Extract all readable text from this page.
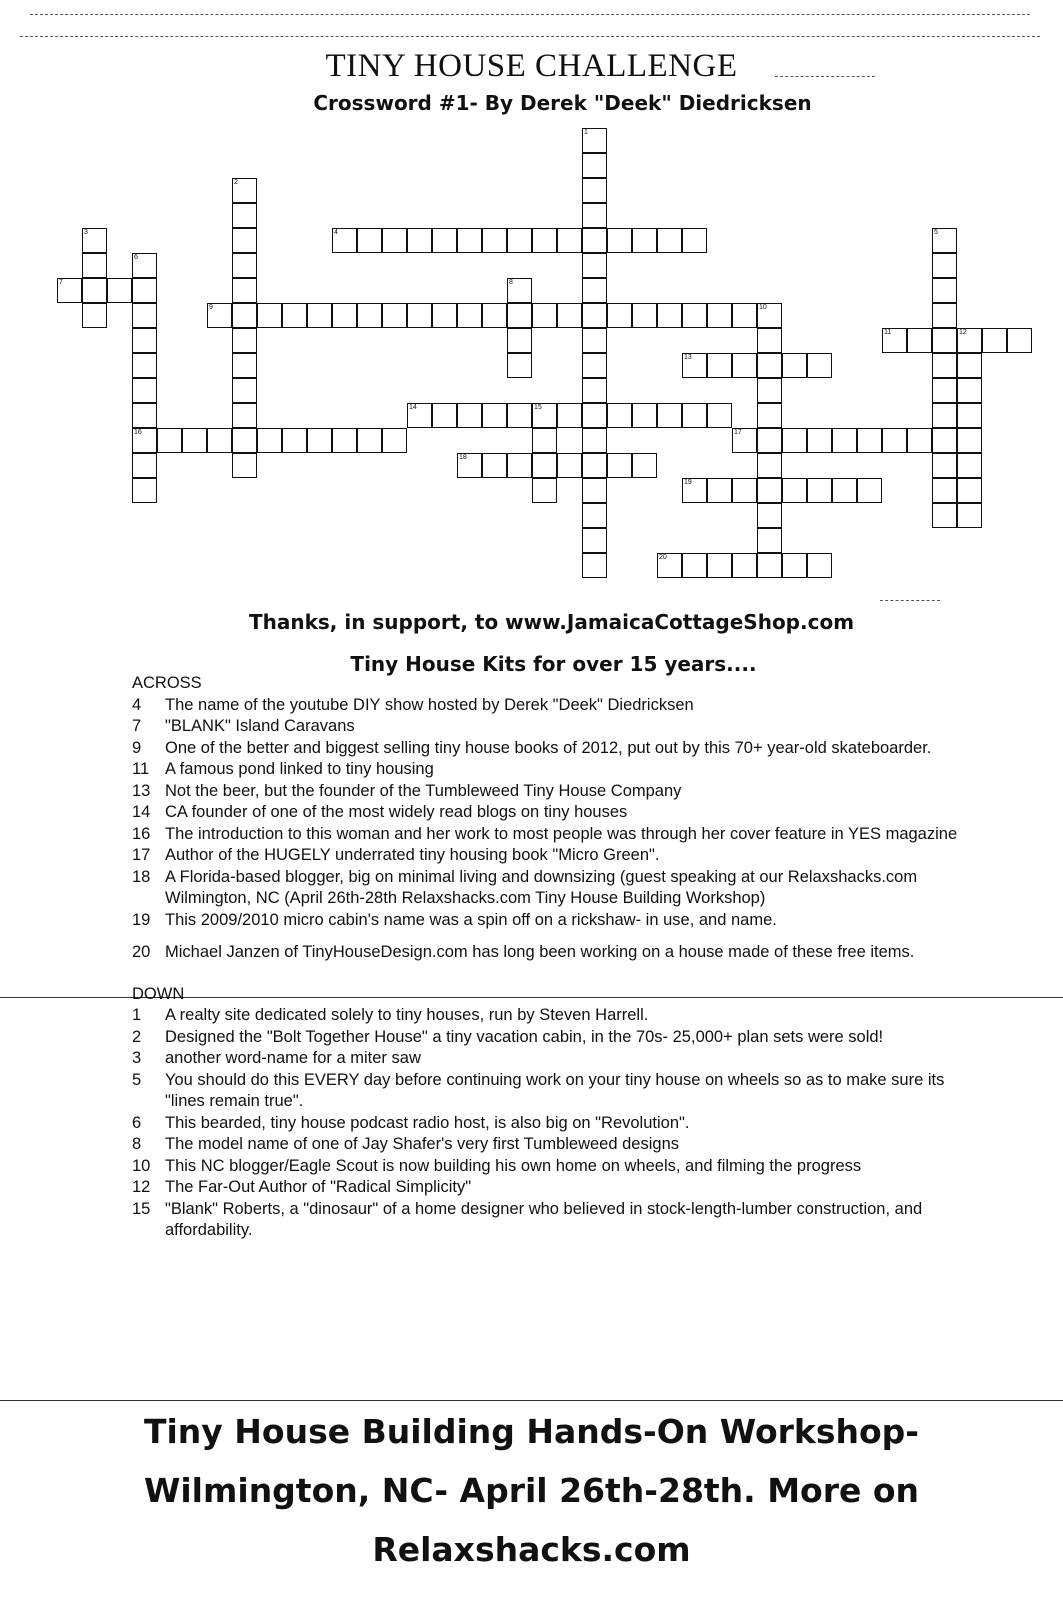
TINY HOUSE CHALLENGE
Crossword #1- By Derek "Deek" Diedricksen
1
2
3	4	5
6
16
7	8
9	10
11	12
13
14	15
17
18
19
20
Thanks, in support, to www.JamaicaCottageShop.com
Tiny House Kits for over 15 years....
ACROSS
4	The name of the youtube DIY show hosted by Derek "Deek" Diedricksen
7	"BLANK" Island Caravans
9	One of the better and biggest selling tiny house books of 2012, put out by this 70+ year-old skateboarder.
11 A famous pond linked to tiny housing
13 Not the beer, but the founder of the Tumbleweed Tiny House Company
14 CA founder of one of the most widely read blogs on tiny houses
16 The introduction to this woman and her work to most people was through her cover feature in YES magazine
17 Author of the HUGELY underrated tiny housing book "Micro Green".
18 A Florida-based blogger, big on minimal living and downsizing (guest speaking at our Relaxshacks.com Wilmington, NC (April 26th-28th Relaxshacks.com Tiny House Building Workshop)
19 This 2009/2010 micro cabin's name was a spin off on a rickshaw- in use, and name.
20 Michael Janzen of TinyHouseDesign.com has long been working on a house made of these free items.
DOWN
1	A realty site dedicated solely to tiny houses, run by Steven Harrell.
2	Designed the "Bolt Together House" a tiny vacation cabin, in the 70s- 25,000+ plan sets were sold!
3	another word-name for a miter saw
5	You should do this EVERY day before continuing work on your tiny house on wheels so as to make sure its "lines remain true".
6	This bearded, tiny house podcast radio host, is also big on "Revolution".
8	The model name of one of Jay Shafer's very first Tumbleweed designs
10 This NC blogger/Eagle Scout is now building his own home on wheels, and filming the progress
12 The Far-Out Author of "Radical Simplicity"
15 "Blank" Roberts, a "dinosaur" of a home designer who believed in stock-length-lumber construction, and affordability.
Tiny House Building Hands-On Workshop-
Wilmington, NC- April 26th-28th. More on
Relaxshacks.com
